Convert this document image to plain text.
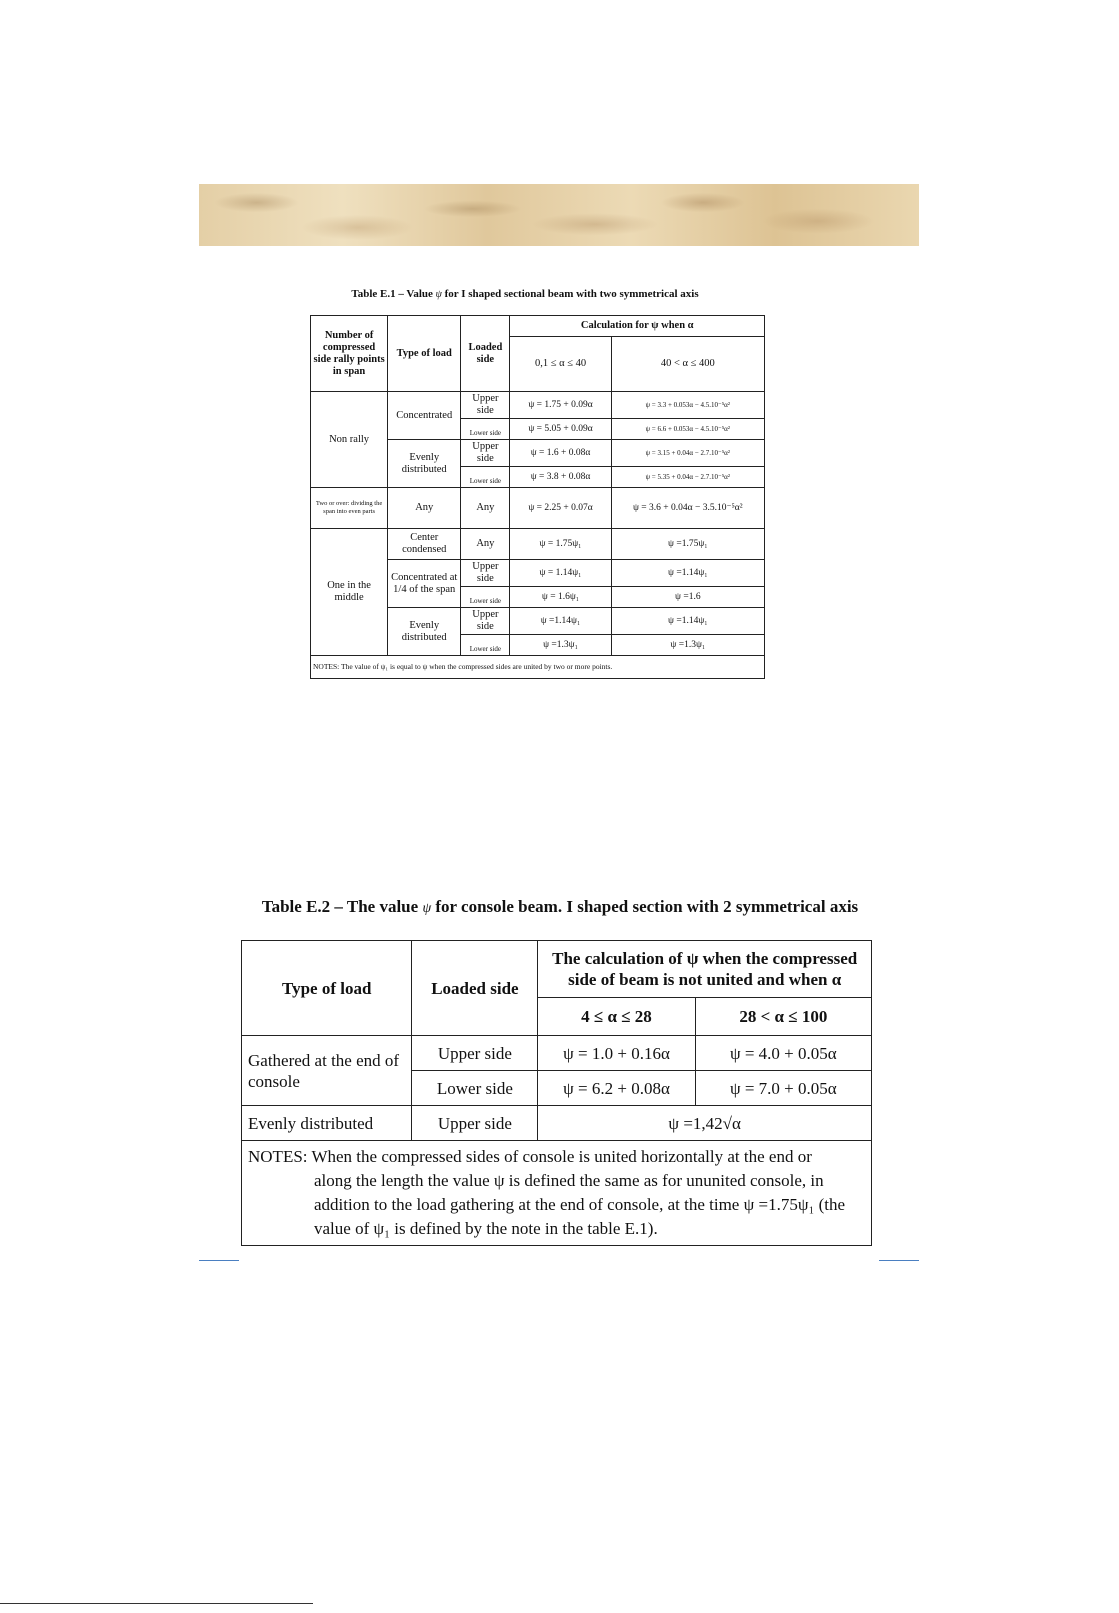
Table E.1 – Value ψ for I shaped sectional beam with two symmetrical axis
Number of compressed side rally points in span	Type of load	Loaded side	Calculation for ψ when α	
			0,1 ≤ α ≤ 40	40 < α ≤ 400
Non rally	Concentrated	Upper side	ψ = 1.75 + 0.09α	ψ = 3.3 + 0.053α − 4.5.10⁻⁵α²
		Lower side	ψ = 5.05 + 0.09α	ψ = 6.6 + 0.053α − 4.5.10⁻⁵α²
	Evenly distributed	Upper side	ψ = 1.6 + 0.08α	ψ = 3.15 + 0.04α − 2.7.10⁻⁵α²
		Lower side	ψ = 3.8 + 0.08α	ψ = 5.35 + 0.04α − 2.7.10⁻⁵α²
Two or over: dividing the span into even parts	Any	Any	ψ = 2.25 + 0.07α	ψ = 3.6 + 0.04α − 3.5.10⁻⁵α²
One in the middle	Center condensed	Any	ψ = 1.75ψ₁	ψ =1.75ψ₁
	Concentrated at 1/4 of the span	Upper side	ψ = 1.14ψ₁	ψ =1.14ψ₁
		Lower side	ψ = 1.6ψ₁	ψ =1.6
	Evenly distributed	Upper side	ψ =1.14ψ₁	ψ =1.14ψ₁
		Lower side	ψ =1.3ψ₁	ψ =1.3ψ₁
NOTES: The value of ψ₁ is equal to ψ when the compressed sides are united by two or more points.				
Table E.2 – The value ψ for console beam. I shaped section with 2 symmetrical axis
Type of load	Loaded side	The calculation of ψ when the compressed side of beam is not united and when α	
		4 ≤ α ≤ 28	28 < α ≤ 100
Gathered at the end of console	Upper side	ψ = 1.0 + 0.16α	ψ = 4.0 + 0.05α
	Lower side	ψ = 6.2 + 0.08α	ψ = 7.0 + 0.05α
Evenly distributed	Upper side	ψ =1,42√α	
NOTES: When the compressed sides of console is united horizontally at the end or
along the length the value ψ is defined the same as for ununited console, in addition to the load gathering at the end of console, at the time ψ =1.75ψ₁ (the value of ψ₁ is defined by the note in the table E.1).			
